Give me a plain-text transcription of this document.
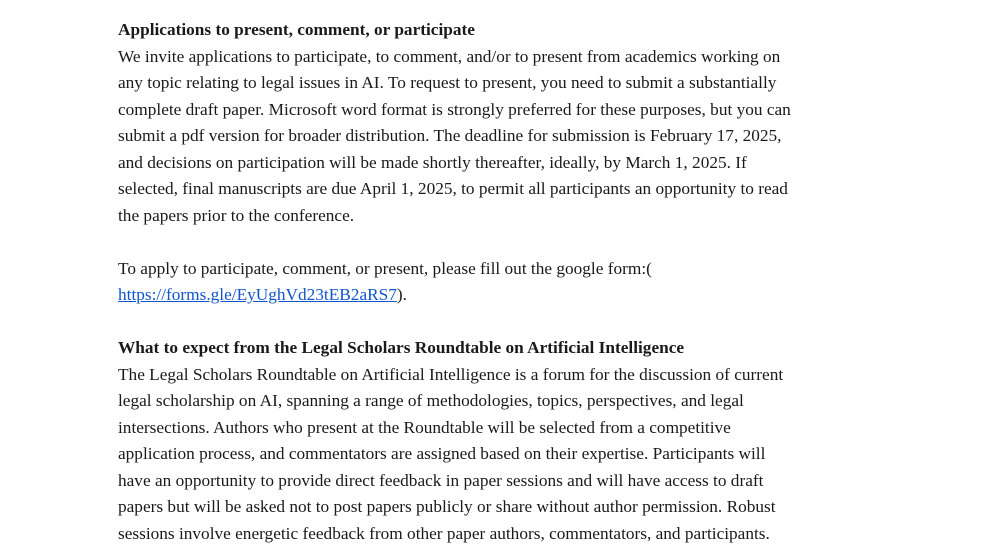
Applications to present, comment, or participate

We invite applications to participate, to comment, and/or to present from academics working on
any topic relating to legal issues in AI. To request to present, you need to submit a substantially
complete draft paper. Microsoft word format is strongly preferred for these purposes, but you can
submit a pdf version for broader distribution. The deadline for submission is February 17, 2025,
and decisions on participation will be made shortly thereafter, ideally, by March 1, 2025. If
selected, final manuscripts are due April 1, 2025, to permit all participants an opportunity to read
the papers prior to the conference.

To apply to participate, comment, or present, please fill out the google form:(
https://forms.gle/EyUghVd23tEB2aRS7).

What to expect from the Legal Scholars Roundtable on Artificial Intelligence

The Legal Scholars Roundtable on Artificial Intelligence is a forum for the discussion of current
legal scholarship on AI, spanning a range of methodologies, topics, perspectives, and legal
intersections. Authors who present at the Roundtable will be selected from a competitive
application process, and commentators are assigned based on their expertise. Participants will
have an opportunity to provide direct feedback in paper sessions and will have access to draft
papers but will be asked not to post papers publicly or share without author permission. Robust
sessions involve energetic feedback from other paper authors, commentators, and participants.
